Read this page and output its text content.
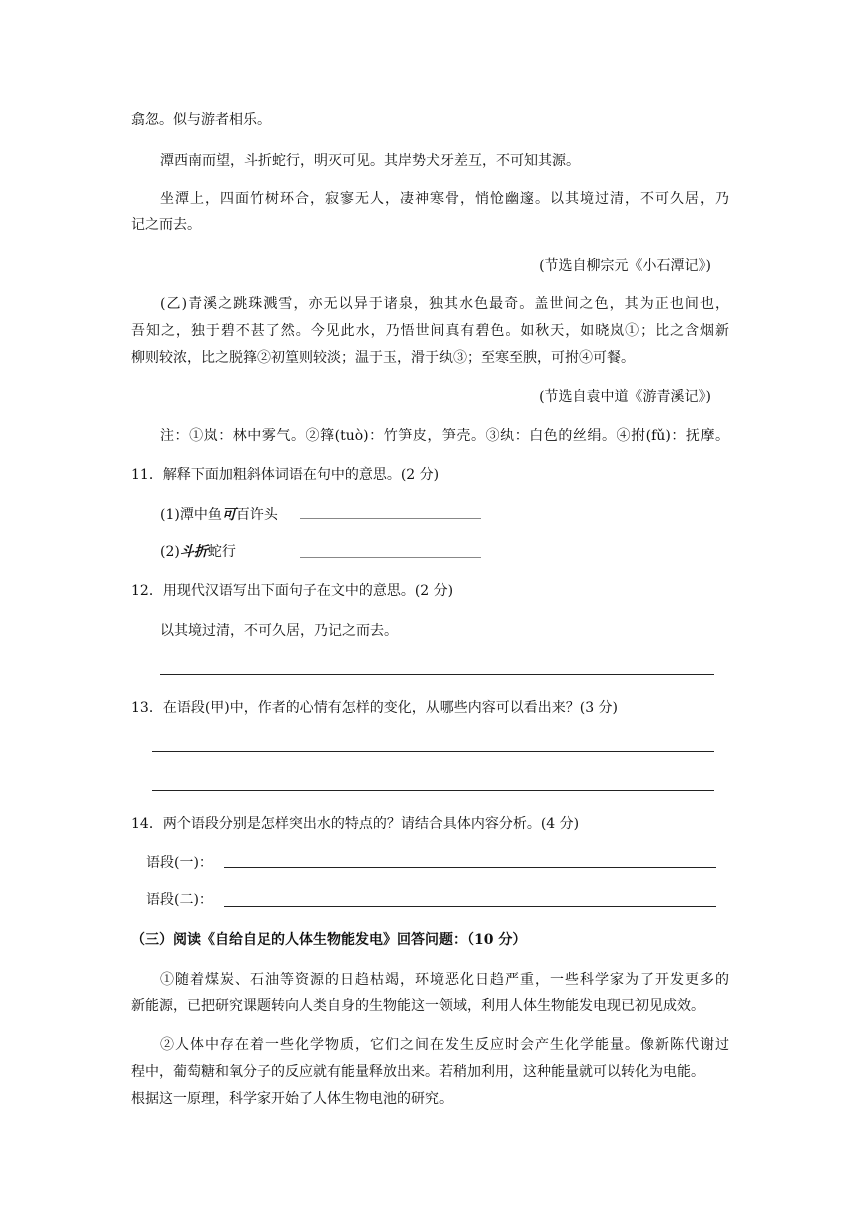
翕忽。似与游者相乐。
潭西南而望，斗折蛇行，明灭可见。其岸势犬牙差互，不可知其源。
坐潭上，四面竹树环合，寂寥无人，凄神寒骨，悄怆幽邃。以其境过清，不可久居，乃
记之而去。
(节选自柳宗元《小石潭记》)
(乙)青溪之跳珠溅雪，亦无以异于诸泉，独其水色最奇。盖世间之色，其为正也间也，
吾知之，独于碧不甚了然。今见此水，乃悟世间真有碧色。如秋天，如晓岚①；比之含烟新
柳则较浓，比之脱箨②初篁则较淡；温于玉，滑于纨③；至寒至腴，可拊④可餐。
(节选自袁中道《游青溪记》)
注：①岚：林中雾气。②箨(tuò)：竹笋皮，笋壳。③纨：白色的丝绢。④拊(fǔ)：抚摩。
11．解释下面加粗斜体词语在句中的意思。(2 分)
(1)潭中鱼可百许头
(2)斗折蛇行
12．用现代汉语写出下面句子在文中的意思。(2 分)
以其境过清，不可久居，乃记之而去。
13．在语段(甲)中，作者的心情有怎样的变化，从哪些内容可以看出来？(3 分)
14．两个语段分别是怎样突出水的特点的？请结合具体内容分析。(4 分)
语段(一)：
语段(二)：
（三）阅读《自给自足的人体生物能发电》回答问题：（10 分）
①随着煤炭、石油等资源的日趋枯竭，环境恶化日趋严重，一些科学家为了开发更多的
新能源，已把研究课题转向人类自身的生物能这一领域，利用人体生物能发电现已初见成效。
②人体中存在着一些化学物质，它们之间在发生反应时会产生化学能量。像新陈代谢过
程中，葡萄糖和氧分子的反应就有能量释放出来。若稍加利用，这种能量就可以转化为电能。
根据这一原理，科学家开始了人体生物电池的研究。
